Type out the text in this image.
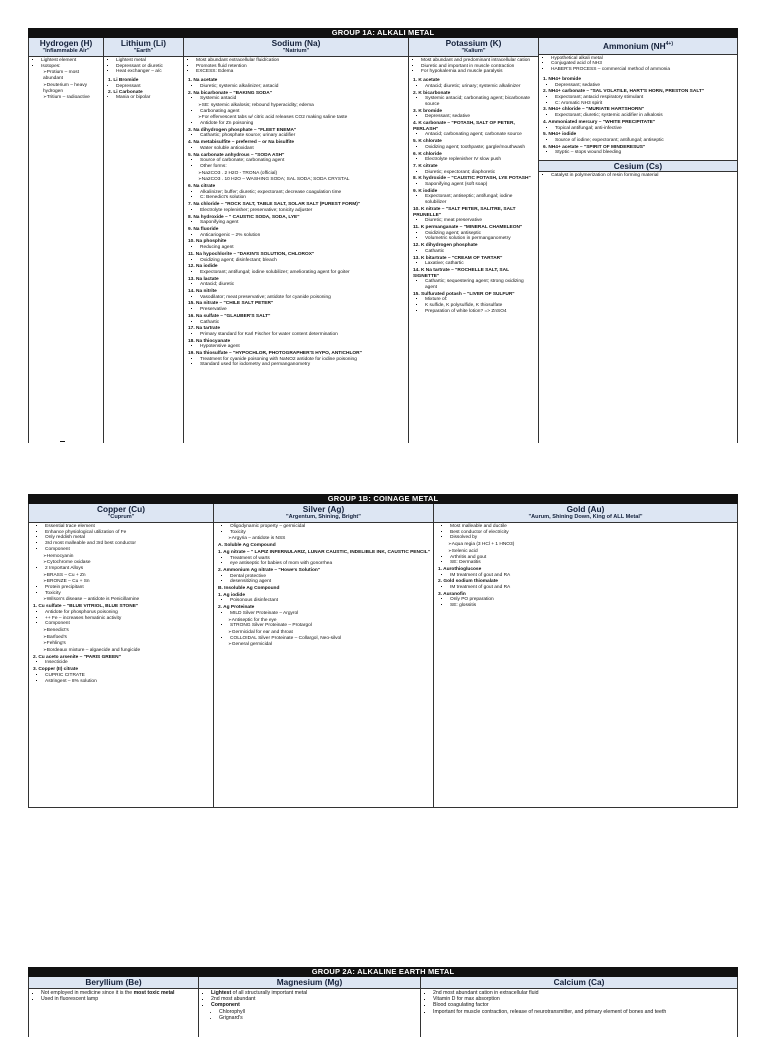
GROUP 1A: ALKALI METAL
Hydrogen (H)
"Inflammable Air"
▪ Lightest element
▪ Isotopes:
➢ Protium – most abundant
➢ Deuterium – heavy hydrogen
➢ Tritium – radioactive
Lithium (Li)
"Earth"
▪ Lightest metal
▪ Depressant or diuretic
▪ Heat exchanger – a/c

1. Li Bromide

• Depressant

2. Li Carbonate

• Mania or bipolar
Sodium (Na)
"Natrium"
▪ Most abundant extracellular fluid/cation
▪ Promotes fluid retention
▪ EXCESS: Edema

1. Na acetate

▪ Diuretic; systemic alkalinizer; antacid

2. Na bicarbonate – "BAKING SODA"

▪ Systemic antacid
➢ SE: systemic alkalosis; rebound hyperacidity; edema
▪ Carbonating agent
➢ For effervescent tabs w/ citric acid releases CO2 making saline taste
▪ Antidote for Zn poisoning

3. Na dihydrogen phosphate – "FLEET ENEMA"

▪ Cathartic; phosphate source; urinary acidifier

4. Na metabisulfite – preferred – or Na bisulfite

▪ Water soluble antioxidant

5. Na carbonate anhydrous – "SODA ASH"

▪ Source of carbonate; carbonating agent
▪ Other forms:
➢ Na2CO3 . 2 H2O - TRONA (official)
➢ Na2CO3 . 10 H2O – WASHING SODA; SAL SODA; SODA CRYSTAL

6. Na citrate

▪ Alkalinizer; buffer; diuretic; expectorant; decrease coagulation time
▪ C: Benedict's solution

7. Na chloride – "ROCK SALT, TABLE SALT, SOLAR SALT (PUREST FORM)"

▪ Electrolyte replenisher; preservative; tonicity adjuster

8. Na hydroxide – " CAUSTIC SODA, SODA, LYE"

▪ Saponifying agent

9. Na fluoride

▪ Anticariogenic – 2% solution

10. Na phosphite

▪ Reducing agent

11. Na hypochlorite – "DAKIN'S SOLUTION, CHLOROX"

▪ Oxidizing agent; disinfectant; bleach

12. Na iodide

▪ Expectorant; antifungal; iodine solubilizer; ameliorating agent for goiter

13. Na lactate

▪ Antacid; diuretic

14. Na nitrite

▪ Vasodilator; meat preservative; antidote for cyanide poisoning

15. Na nitrate – "CHILE SALT PETER"

▪ Preservative

16. Na sulfate – "GLAUBER'S SALT"

▪ Cathartic

17. Na tartrate

▪ Primary standard for Karl Fischer for water content determination

18. Na thiocyanate

▪ Hypotensive agent

19. Na thiosulfate – "HYPOCHLOR, PHOTOGRAPHER'S HYPO, ANTICHLOR"

▪ Treatment for cyanide poisoning with NaNO2 antidote for iodine poisoning
▪ Standard used for iodometry and permanganometry
Potassium (K)
"Kalium"
▪ Most abundant and predominant intracellular cation
▪ Diuretic and important in muscle contraction
▪ For hypokalemia and muscle paralysis

1. K acetate

▪ Antacid; diuretic; urinary; systemic alkalinizer

2. K bicarbonate

▪ Systemic antacid; carbonating agent; bicarbonate source

3. K bromide

▪ Depressant; sedative

4. K carbonate – "POTASH, SALT OF PETER, PERLASH"

▪ Antacid; carbonating agent; carbonate source

5. K chlorate

▪ Oxidizing agent; toothpaste; gargle/mouthwash

6. K chloride

▪ Electrolyte replenisher IV slow push

7. K citrate

▪ Diuretic; expectorant; diaphoretic

8. K hydroxide – "CAUSTIC POTASH, LYE POTASH"

▪ Saponifying agent (soft soap)

9. K iodide

▪ Expectorant; antiseptic; antifungal; iodine solubilizer

10. K nitrate – "SALT PETER, SALITRE, SALT PRUNELLE"

▪ Diuretic; meat preservative

11. K permanganate – "MINERAL CHAMELEON"

▪ Oxidizing agent; antiseptic
▪ Volumetric solution in permanganometry

12. K dihydrogen phosphate

▪ Cathartic

13. K bitartrate – "CREAM OF TARTAR"

▪ Laxative; cathartic

14. K Na tartrate – "ROCHELLE SALT, SAL SIGNETTE"

▪ Cathartic; sequestering agent; strong oxidizing agent

15. Sulfurated potash – "LIVER OF SULFUR"

▪ Mixture of:
▪ K sulfide, K polysulfide, K thiosulfate
▪ Preparation of white lotion? => ZnSO4
Ammonium ($NH^{4+)}$
▪ Hypothetical alkali metal
▪ Conjugated acid of NH3
▪ HABER'S PROCESS – commercial method of ammonia

1. NH4+ bromide

▪ Depressant; sedative

2. NH4+ carbonate – "SAL VOLATILE, HART'S HORN, PRESTON SALT"

▪ Expectorant; antacid respiratory stimulant
▪ C: Aromatic NH3 spirit

3. NH4+ chloride – "MURIATE HARTSHORN"

▪ Expectorant; diuretic; systemic acidifier in alkalosis

4. Ammoniated mercury – "WHITE PRECIPITATE"

▪ Topical antifungal; anti-infective

5. NH4+ iodide

▪ Source of iodine; expectorant; antifungal; antiseptic

6. NH4+ acetate – "SPIRIT OF MINDERESUS"

▪ Styptic – stops wound bleeding
Cesium (Cs)
▪ Catalyst in polymerization of resin forming material
GROUP 1B: COINAGE METAL
Copper (Cu)
"Cuprum"
▪ Essential trace element
▪ Enhance physiological utilization of Fe
▪ Only reddish metal
▪ 3rd most malleable and 3rd best conductor
▪ Component
➢ Hemocyanin
➢ Cytochrome oxidase
▪ 2 Important Alloys
➢ BRASS – Cu + Zn
➢ BRONZE – Cu + Sn
▪ Protein precipitant
▪ Toxicity
➢ Wilson's disease – antidote is Penicillamine

1. Cu sulfate – "BLUE VITRIOL, BLUE STONE"

▪ Antidote for phosphorus poisoning
▪ ++ Fe – increases hematinic activity
▪ Component
➢ Benedict's
➢ Barfoed's
➢ Fehling's
➢ Bordeaux mixture – algaecide and fungicide

2. Cu aceto arsenite – "PARIS GREEN"

▪ Insecticide

3. Copper (II) citrate

▪ CUPRIC CITRATE
▪ Astringent – 8% solution
Silver (Ag)
"Argentum, Shining, Bright"
▪ Oligodynamic property – germicidal
▪ Toxicity
➢ Argyria – antidote is NSS

A. Soluble Ag Compound

1. Ag nitrate – " LAPIZ INFERNULARIZ, LUNAR CAUSTIC, INDELIBLE INK, CAUSTIC PENCIL"

▪ Treatment of warts
▪ eye antiseptic for babies of mom with gonorrhea

2. Ammonium Ag nitrate – "Howe's Solution"

▪ Dental protective
▪ desensitizing agent

B. Insoluble Ag Compound

1. Ag iodide

▪ Poisonous disinfectant

2. Ag Proteinate

▪ MILD Silver Proteinate – Argyrol
➢ Antiseptic for the eye
▪ STRONG Silver Proteinate – Protargol
➢ Germicidal for ear and throat
▪ COLLOIDAL Silver Proteinate – Collargol, Neo-silvol
➢ General germicidal
Gold (Au)
"Aurum, Shining Down, King of ALL Metal"
▪ Most malleable and ductile
▪ Best conductor of electricity
▪ Dissolved by
➢ Aqua regia (3 HCl + 1 HNO3)
➢ Selenic acid
▪ Arthritis and gout
▪ SE: Dermatitis

1. Aurothioglucose

▪ IM treatment of gout and RA

2. Gold sodium thiomalate

▪ IM treatment of gout and RA

3. Auranofin

▪ Only PO preparation
▪ SE: glossitis
GROUP 2A: ALKALINE EARTH METAL
Beryllium (Be)
▪ Not employed in medicine since it is the most toxic metal
▪ Used in fluorescent lamp
Magnesium (Mg)
▪ Lightest of all structurally important metal
▪ 2nd most abundant
▪ Component
• Chlorophyll
• Grignard's
Calcium (Ca)
▪ 2nd most abundant cation in extracellular fluid
▪ Vitamin D for max absorption
▪ Blood coagulating factor
▪ Important for muscle contraction, release of neurotransmitter, and primary element of bones and teeth
